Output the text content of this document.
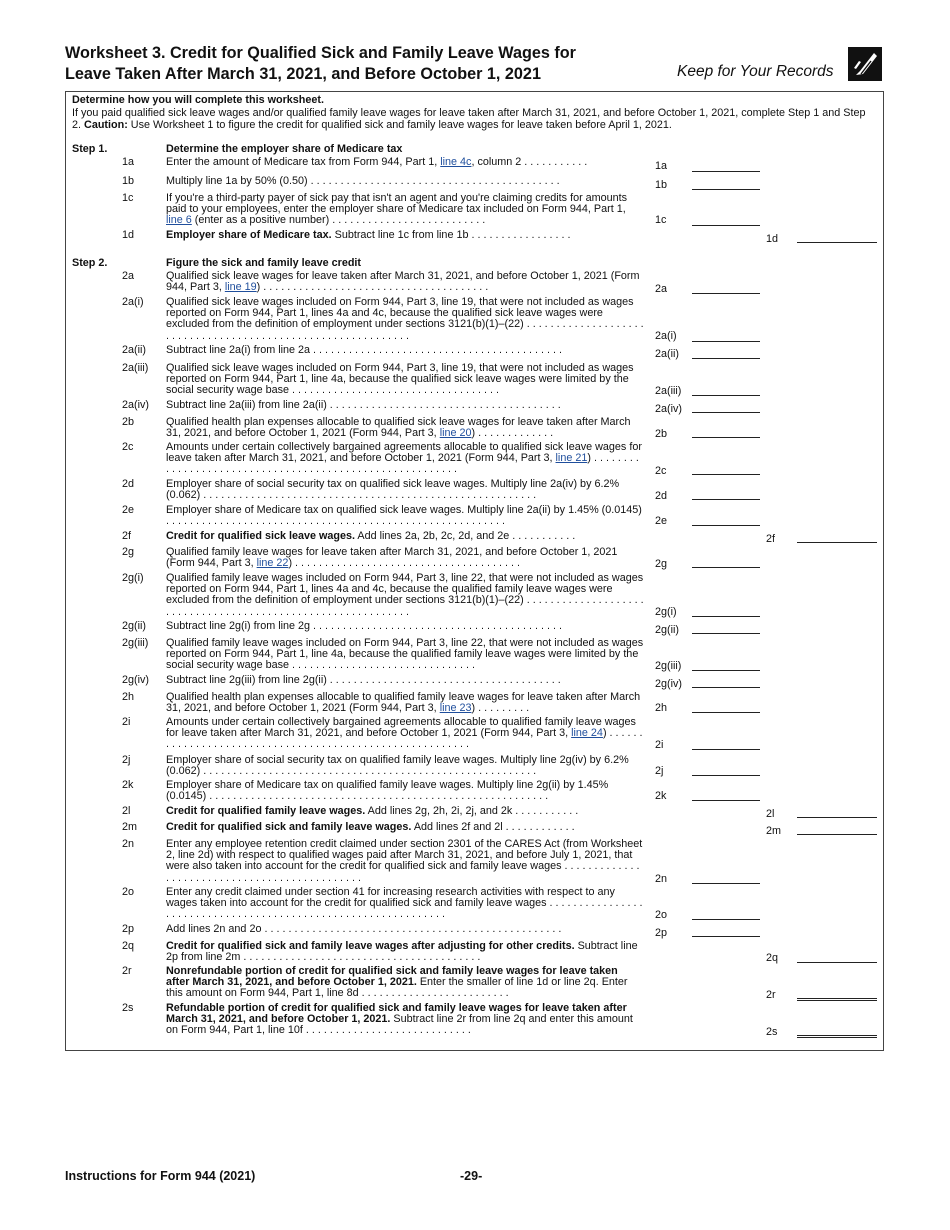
Worksheet 3. Credit for Qualified Sick and Family Leave Wages for
Leave Taken After March 31, 2021, and Before October 1, 2021	Keep for Your Records
Determine how you will complete this worksheet.
If you paid qualified sick leave wages and/or qualified family leave wages for leave taken after March 31, 2021, and before October 1, 2021, complete Step 1 and Step 2. Caution: Use Worksheet 1 to figure the credit for qualified sick and family leave wages for leave taken before April 1, 2021.
Step 1.	Determine the employer share of Medicare tax
1a	Enter the amount of Medicare tax from Form 944, Part 1, line 4c, column 2 . . . . . . . . . . .	1a
1b	Multiply line 1a by 50% (0.50) . . . . . . . . . . . . . . . . . . . . . . . . . . . . . . . . . . . . . . . . . .	1b
1c	If you're a third-party payer of sick pay that isn't an agent and you're claiming credits for amounts paid to your employees, enter the employer share of Medicare tax included on Form 944, Part 1, line 6 (enter as a positive number) . . . . . . . . . . . . . . . . . . . . . . . . . .	1c
1d	Employer share of Medicare tax. Subtract line 1c from line 1b . . . . . . . . . . . . . . . . .	1d
Step 2.	Figure the sick and family leave credit
2a	Qualified sick leave wages for leave taken after March 31, 2021, and before October 1, 2021 (Form 944, Part 3, line 19) . . . . . . . . . . . . . . . . . . . . . . . . . . . . . . . . . . . . . .	2a
2a(i) Qualified sick leave wages included on Form 944, Part 3, line 19, that were not included as wages reported on Form 944, Part 1, lines 4a and 4c, because the qualified sick leave wages were excluded from the definition of employment under sections 3121(b)(1)–(22) . . . . . . . . . . . . . . . . . . . . . . . . . . . . . . . . . . . . . . . . . . . . . . . . . . . . . . . . . . . . .	2a(i)
2a(ii) Subtract line 2a(i) from line 2a . . . . . . . . . . . . . . . . . . . . . . . . . . . . . . . . . . . . . . . . . .	2a(ii)
2a(iii) Qualified sick leave wages included on Form 944, Part 3, line 19, that were not included as wages reported on Form 944, Part 1, line 4a, because the qualified sick leave wages were limited by the social security wage base . . . . . . . . . . . . . . . . . . . . . . . . . . . . . . . . . . .	2a(iii)
2a(iv) Subtract line 2a(iii) from line 2a(ii) . . . . . . . . . . . . . . . . . . . . . . . . . . . . . . . . . . . . . . .	2a(iv)
2b	Qualified health plan expenses allocable to qualified sick leave wages for leave taken after March 31, 2021, and before October 1, 2021 (Form 944, Part 3, line 20) . . . . . . . . . . . . .	2b
2c	Amounts under certain collectively bargained agreements allocable to qualified sick leave wages for leave taken after March 31, 2021, and before October 1, 2021 (Form 944, Part 3, line 21) . . . . . . . . . . . . . . . . . . . . . . . . . . . . . . . . . . . . . . . . . . . . . . . . . . . . . . . . .	2c
2d	Employer share of social security tax on qualified sick leave wages. Multiply line 2a(iv) by 6.2% (0.062) . . . . . . . . . . . . . . . . . . . . . . . . . . . . . . . . . . . . . . . . . . . . . . . . . . . . . . . .	2d
2e	Employer share of Medicare tax on qualified sick leave wages. Multiply line 2a(ii) by 1.45% (0.0145) . . . . . . . . . . . . . . . . . . . . . . . . . . . . . . . . . . . . . . . . . . . . . . . . . . . . . . . . .	2e
2f	Credit for qualified sick leave wages. Add lines 2a, 2b, 2c, 2d, and 2e . . . . . . . . . . .	2f
2g	Qualified family leave wages for leave taken after March 31, 2021, and before October 1, 2021 (Form 944, Part 3, line 22) . . . . . . . . . . . . . . . . . . . . . . . . . . . . . . . . . . . . . .	2g
2g(i) Qualified family leave wages included on Form 944, Part 3, line 22, that were not included as wages reported on Form 944, Part 1, lines 4a and 4c, because the qualified family leave wages were excluded from the definition of employment under sections 3121(b)(1)–(22) . . . . . . . . . . . . . . . . . . . . . . . . . . . . . . . . . . . . . . . . . . . . . . . . . . . . . . . . . . . . .	2g(i)
2g(ii) Subtract line 2g(i) from line 2g . . . . . . . . . . . . . . . . . . . . . . . . . . . . . . . . . . . . . . . . . .	2g(ii)
2g(iii) Qualified family leave wages included on Form 944, Part 3, line 22, that were not included as wages reported on Form 944, Part 1, line 4a, because the qualified family leave wages were limited by the social security wage base . . . . . . . . . . . . . . . . . . . . . . . . . . . . . . .	2g(iii)
2g(iv) Subtract line 2g(iii) from line 2g(ii) . . . . . . . . . . . . . . . . . . . . . . . . . . . . . . . . . . . . . . .	2g(iv)
2h	Qualified health plan expenses allocable to qualified family leave wages for leave taken after March 31, 2021, and before October 1, 2021 (Form 944, Part 3, line 23) . . . . . . . . .	2h
2i	Amounts under certain collectively bargained agreements allocable to qualified family leave wages for leave taken after March 31, 2021, and before October 1, 2021 (Form 944, Part 3, line 24) . . . . . . . . . . . . . . . . . . . . . . . . . . . . . . . . . . . . . . . . . . . . . . . . . . . . . . . . .	2i
2j	Employer share of social security tax on qualified family leave wages. Multiply line 2g(iv) by 6.2% (0.062) . . . . . . . . . . . . . . . . . . . . . . . . . . . . . . . . . . . . . . . . . . . . . . . . . . . . . . . .	2j
2k	Employer share of Medicare tax on qualified family leave wages. Multiply line 2g(ii) by 1.45% (0.0145) . . . . . . . . . . . . . . . . . . . . . . . . . . . . . . . . . . . . . . . . . . . . . . . . . . . . . . . . .	2k
2l	Credit for qualified family leave wages. Add lines 2g, 2h, 2i, 2j, and 2k . . . . . . . . . . .	2l
2m	Credit for qualified sick and family leave wages. Add lines 2f and 2l . . . . . . . . . . . .	2m
2n	Enter any employee retention credit claimed under section 2301 of the CARES Act (from Worksheet 2, line 2d) with respect to qualified wages paid after March 31, 2021, and before July 1, 2021, that were also taken into account for the credit for qualified sick and family leave wages . . . . . . . . . . . . . . . . . . . . . . . . . . . . . . . . . . . . . . . . . . . . . .	2n
2o	Enter any credit claimed under section 41 for increasing research activities with respect to any wages taken into account for the credit for qualified sick and family leave wages . . . . . . . . . . . . . . . . . . . . . . . . . . . . . . . . . . . . . . . . . . . . . . . . . . . . . . . . . . . . . . .	2o
2p	Add lines 2n and 2o . . . . . . . . . . . . . . . . . . . . . . . . . . . . . . . . . . . . . . . . . . . . . . . . . .	2p
2q	Credit for qualified sick and family leave wages after adjusting for other credits. Subtract line 2p from line 2m . . . . . . . . . . . . . . . . . . . . . . . . . . . . . . . . . . . . . . . .	2q
2r	Nonrefundable portion of credit for qualified sick and family leave wages for leave taken after March 31, 2021, and before October 1, 2021. Enter the smaller of line 1d or line 2q. Enter this amount on Form 944, Part 1, line 8d . . . . . . . . . . . . . . . . . . . . . . . . .	2r
2s	Refundable portion of credit for qualified sick and family leave wages for leave taken after March 31, 2021, and before October 1, 2021. Subtract line 2r from line 2q and enter this amount on Form 944, Part 1, line 10f . . . . . . . . . . . . . . . . . . . . . . . . . . . .	2s
Instructions for Form 944 (2021)	-29-
